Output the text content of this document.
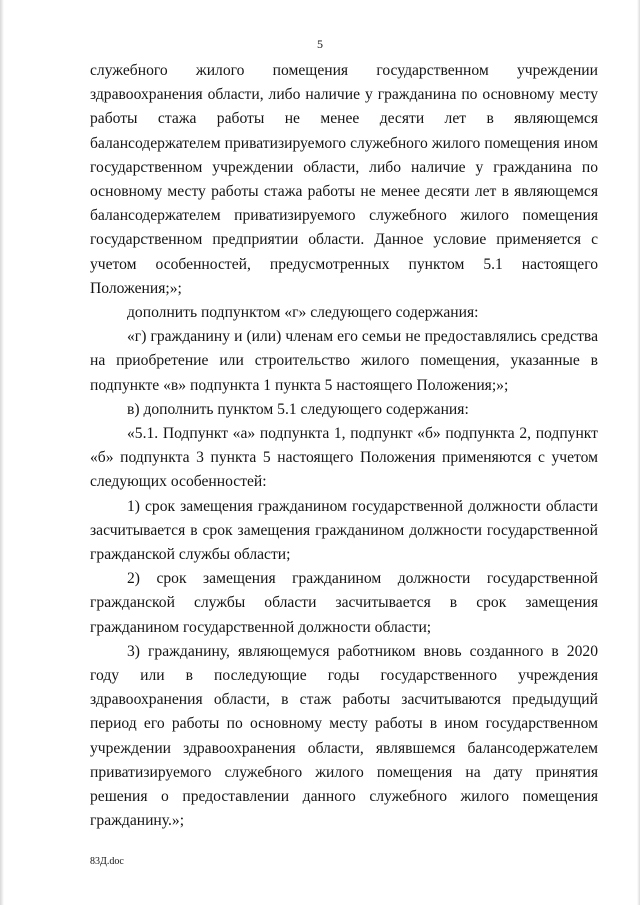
5

служебного жилого помещения государственном учреждении здравоохранения области, либо наличие у гражданина по основному месту работы стажа работы не менее десяти лет в являющемся балансодержателем приватизируемого служебного жилого помещения ином государственном учреждении области, либо наличие у гражданина по основному месту работы стажа работы не менее десяти лет в являющемся балансодержателем приватизируемого служебного жилого помещения государственном предприятии области. Данное условие применяется с учетом особенностей, предусмотренных пунктом 5.1 настоящего Положения;»;

дополнить подпунктом «г» следующего содержания:

«г) гражданину и (или) членам его семьи не предоставлялись средства на приобретение или строительство жилого помещения, указанные в подпункте «в» подпункта 1 пункта 5 настоящего Положения;»;

в) дополнить пунктом 5.1 следующего содержания:

«5.1. Подпункт «а» подпункта 1, подпункт «б» подпункта 2, подпункт «б» подпункта 3 пункта 5 настоящего Положения применяются с учетом следующих особенностей:

1) срок замещения гражданином государственной должности области засчитывается в срок замещения гражданином должности государственной гражданской службы области;

2) срок замещения гражданином должности государственной гражданской службы области засчитывается в срок замещения гражданином государственной должности области;

3) гражданину, являющемуся работником вновь созданного в 2020 году или в последующие годы государственного учреждения здравоохранения области, в стаж работы засчитываются предыдущий период его работы по основному месту работы в ином государственном учреждении здравоохранения области, являвшемся балансодержателем приватизируемого служебного жилого помещения на дату принятия решения о предоставлении данного служебного жилого помещения гражданину.»;

83Д.doc
